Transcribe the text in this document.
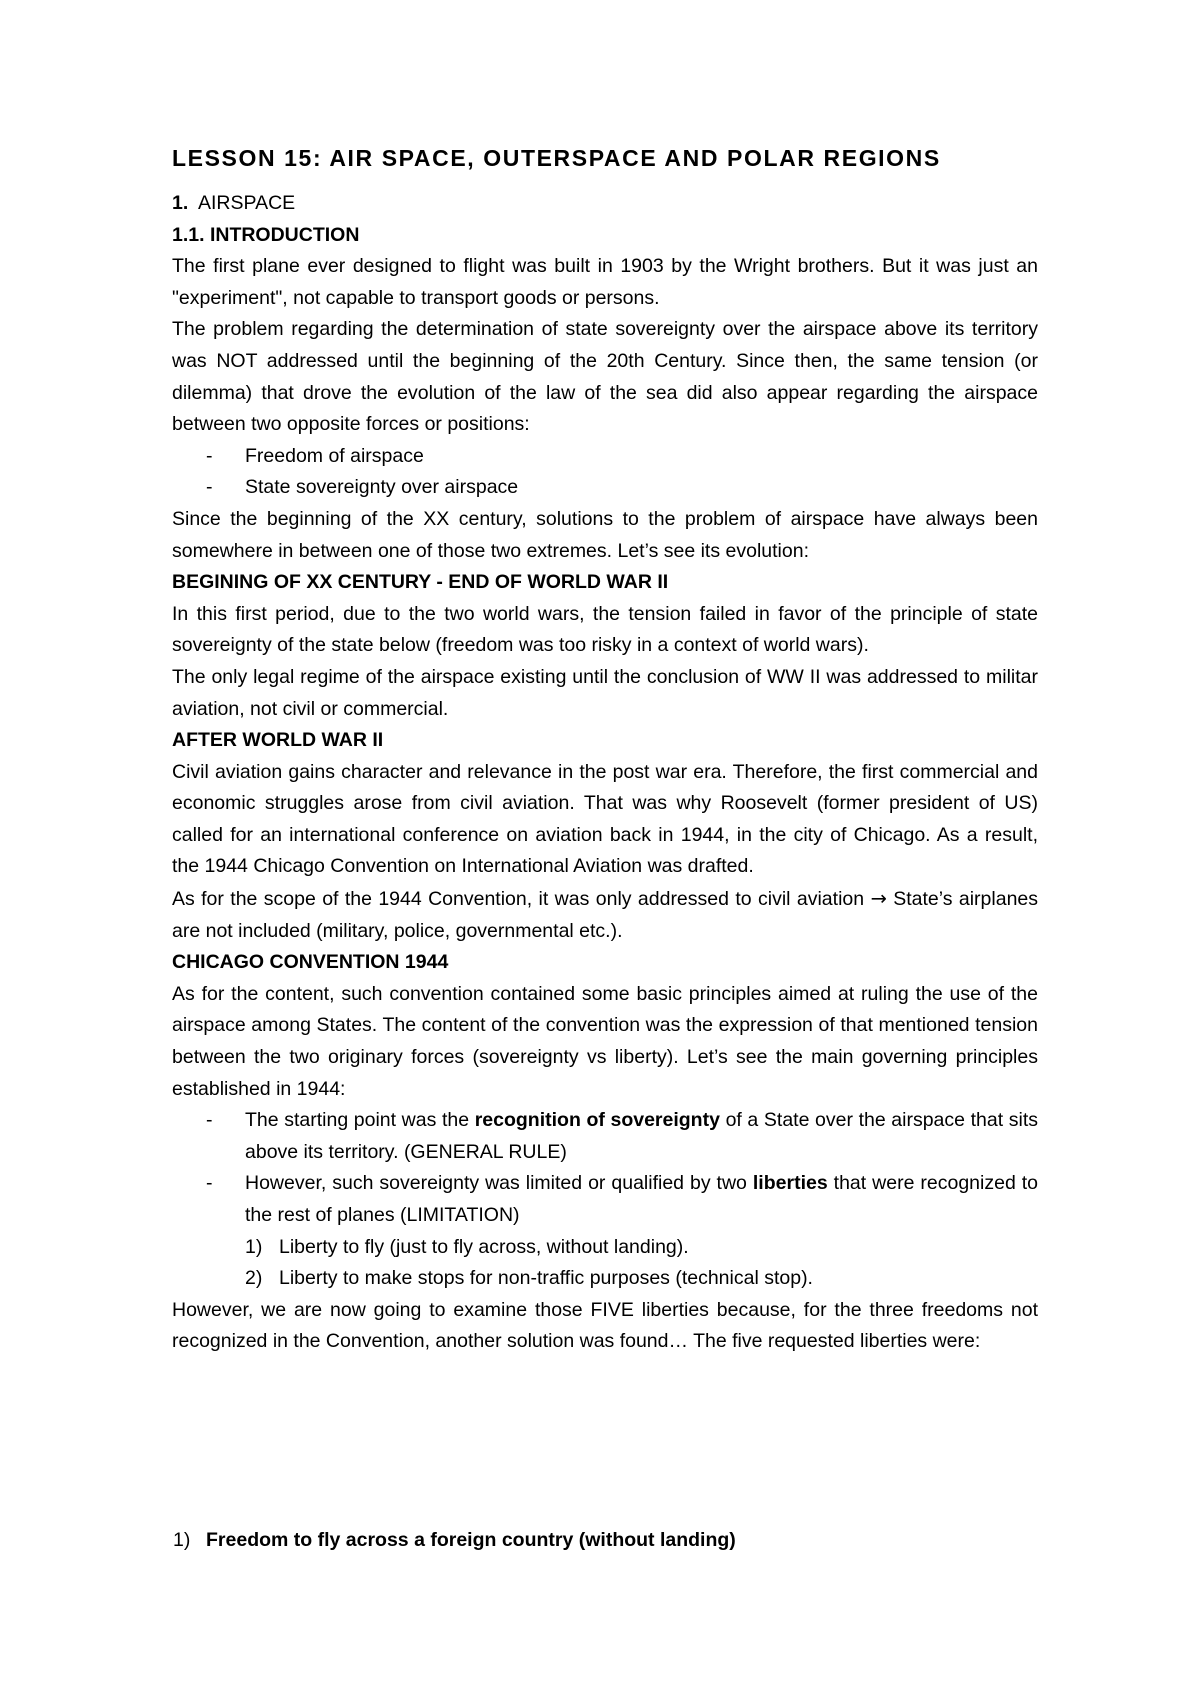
LESSON 15: AIR SPACE, OUTERSPACE AND POLAR REGIONS

1. AIRSPACE

1.1. INTRODUCTION

The first plane ever designed to flight was built in 1903 by the Wright brothers. But it was just an "experiment", not capable to transport goods or persons.

The problem regarding the determination of state sovereignty over the airspace above its territory was NOT addressed until the beginning of the 20th Century. Since then, the same tension (or dilemma) that drove the evolution of the law of the sea did also appear regarding the airspace between two opposite forces or positions:

- Freedom of airspace

- State sovereignty over airspace

Since the beginning of the XX century, solutions to the problem of airspace have always been somewhere in between one of those two extremes. Let’s see its evolution:

BEGINING OF XX CENTURY - END OF WORLD WAR II

In this first period, due to the two world wars, the tension failed in favor of the principle of state sovereignty of the state below (freedom was too risky in a context of world wars).

The only legal regime of the airspace existing until the conclusion of WW II was addressed to militar aviation, not civil or commercial.

AFTER WORLD WAR II

Civil aviation gains character and relevance in the post war era. Therefore, the first commercial and economic struggles arose from civil aviation. That was why Roosevelt (former president of US) called for an international conference on aviation back in 1944, in the city of Chicago. As a result, the 1944 Chicago Convention on International Aviation was drafted.

As for the scope of the 1944 Convention, it was only addressed to civil aviation → State’s airplanes are not included (military, police, governmental etc.).

CHICAGO CONVENTION 1944

As for the content, such convention contained some basic principles aimed at ruling the use of the airspace among States. The content of the convention was the expression of that mentioned tension between the two originary forces (sovereignty vs liberty). Let’s see the main governing principles established in 1944:

- The starting point was the recognition of sovereignty of a State over the airspace that sits above its territory. (GENERAL RULE)

- However, such sovereignty was limited or qualified by two liberties that were recognized to the rest of planes (LIMITATION)

1) Liberty to fly (just to fly across, without landing).

2) Liberty to make stops for non-traffic purposes (technical stop).

However, we are now going to examine those FIVE liberties because, for the three freedoms not recognized in the Convention, another solution was found… The five requested liberties were:

1) Freedom to fly across a foreign country (without landing)
